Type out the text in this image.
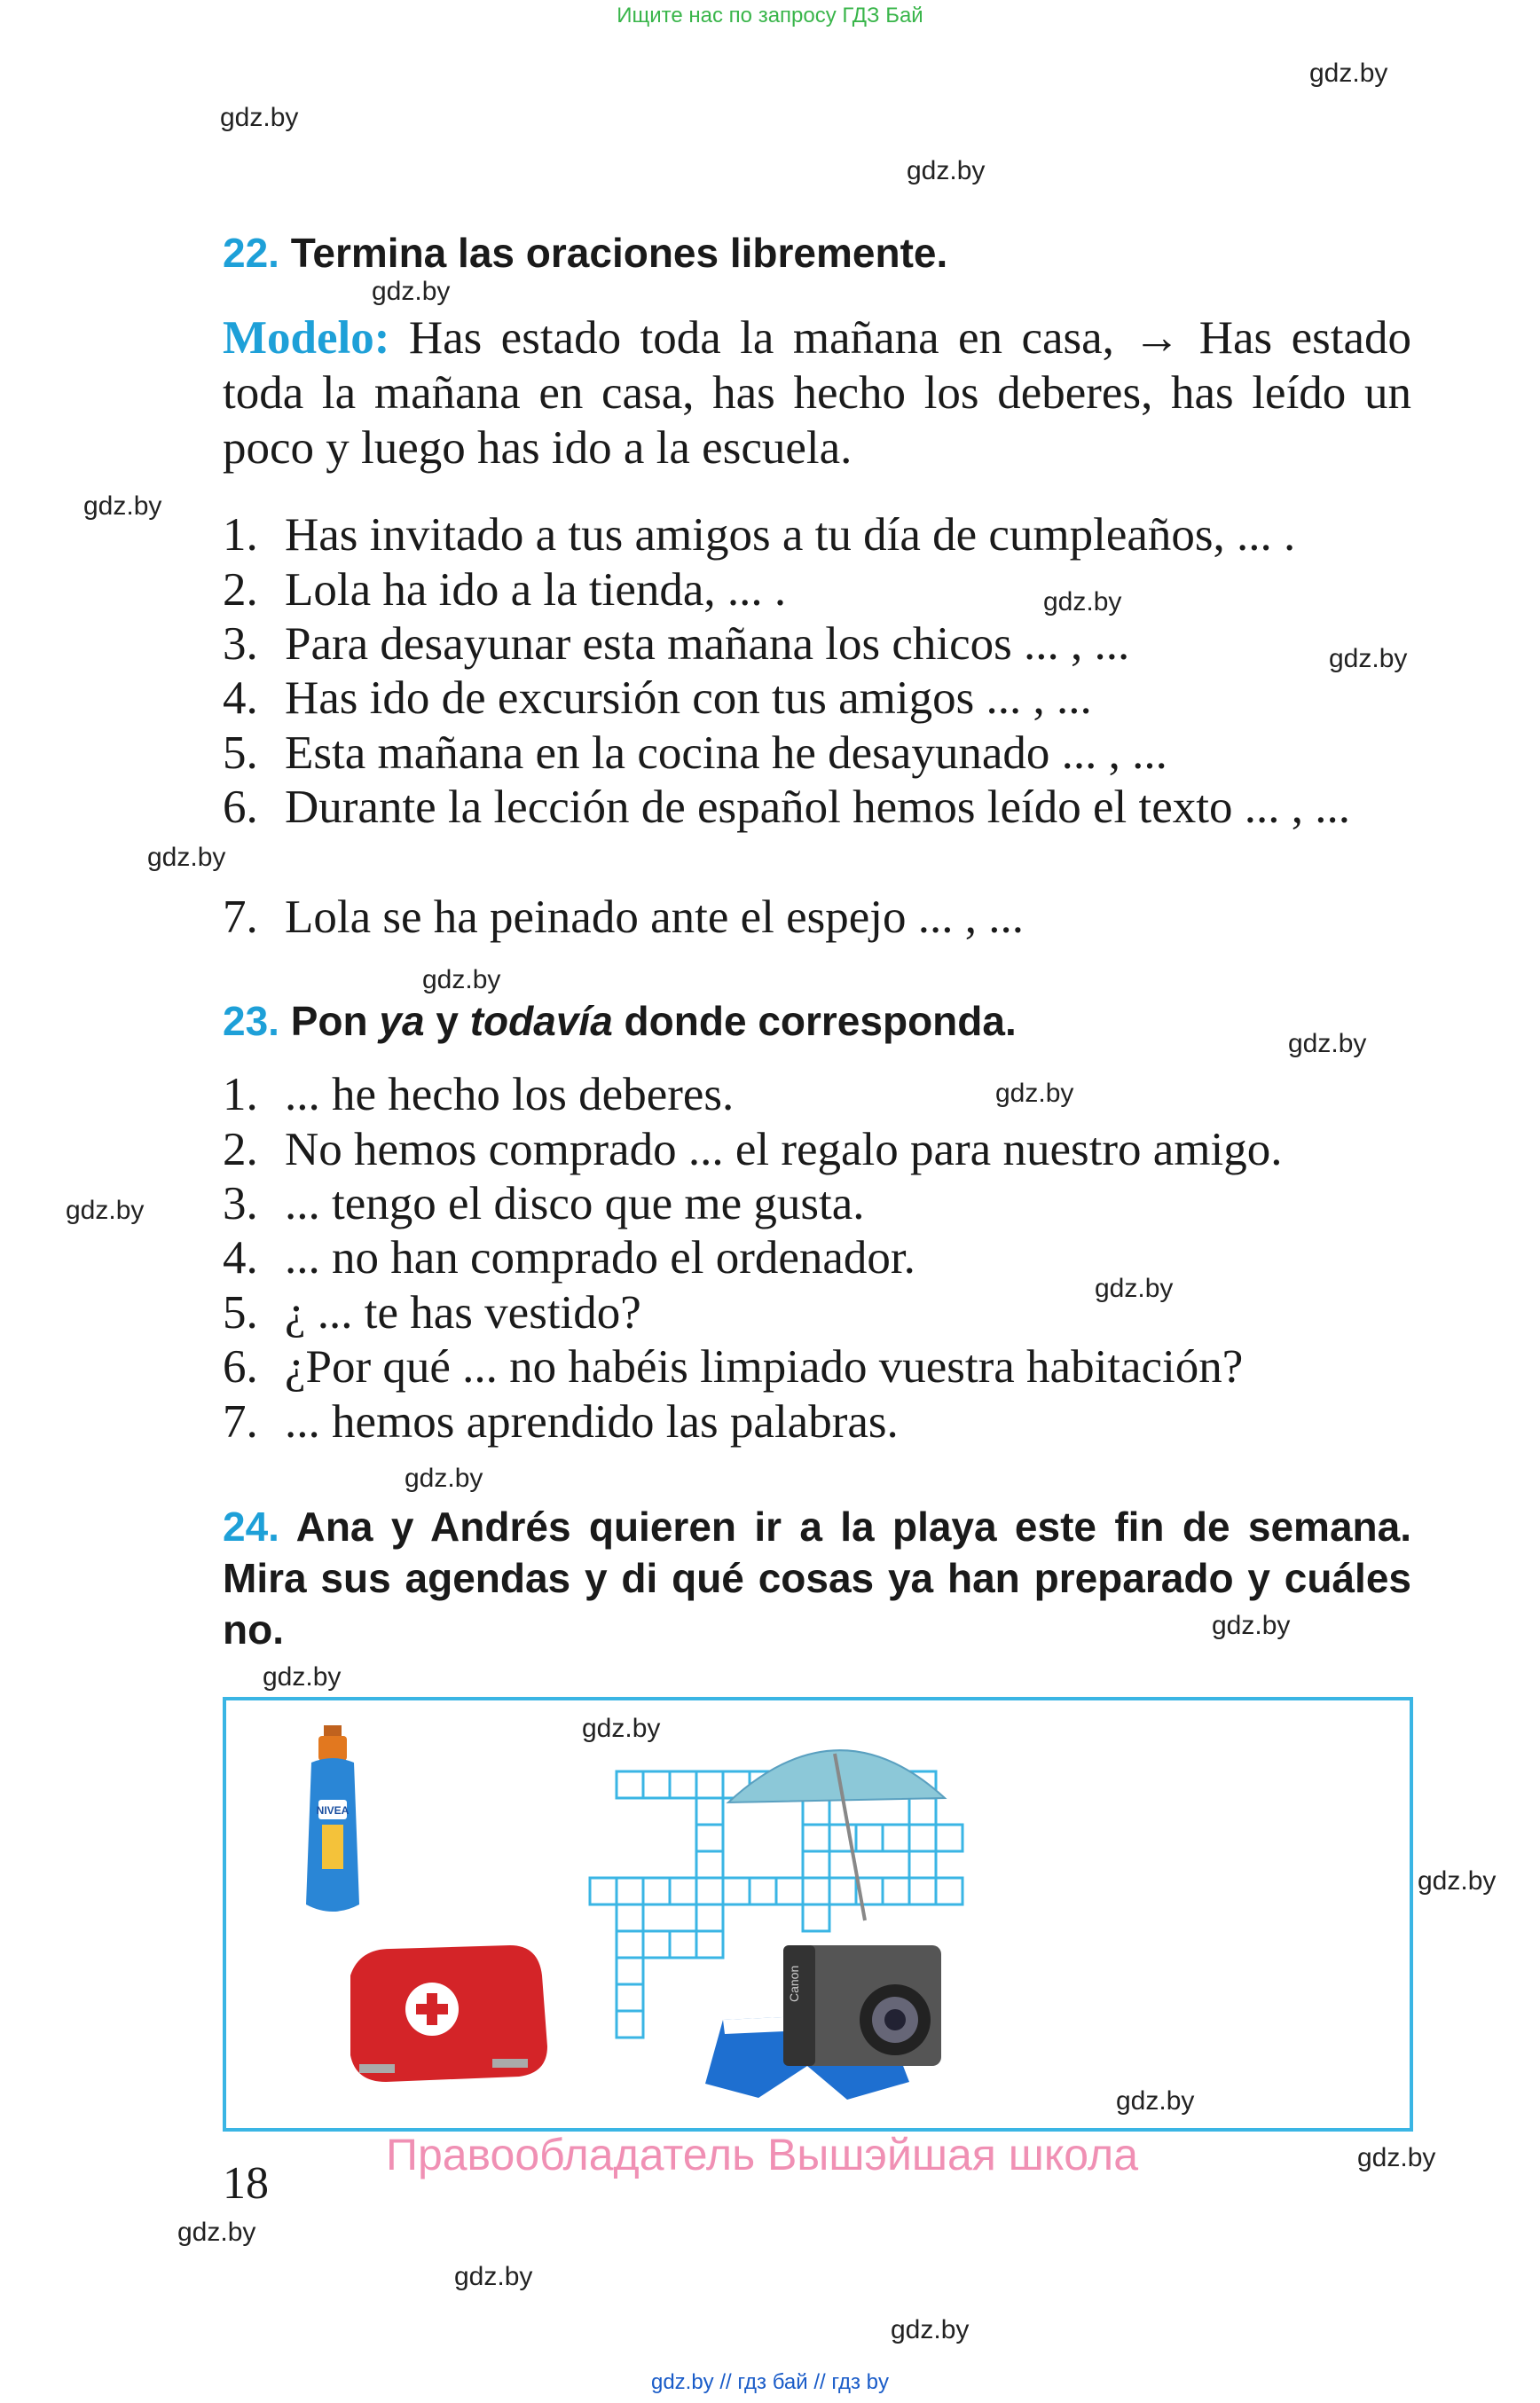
Ищите нас по запросу ГДЗ Бай
gdz.by
gdz.by
gdz.by
gdz.by
gdz.by
gdz.by
gdz.by
gdz.by
gdz.by
gdz.by
gdz.by
gdz.by
gdz.by
gdz.by
gdz.by
gdz.by
gdz.by
gdz.by
gdz.by
gdz.by
gdz.by
gdz.by
gdz.by
22. Termina las oraciones libremente.
Modelo: Has estado toda la mañana en casa, → Has estado toda la mañana en casa, has hecho los deberes, has leído un poco y luego has ido a la escuela.
1. Has invitado a tus amigos a tu día de cumpleaños, ... .
2. Lola ha ido a la tienda, ... .
3. Para desayunar esta mañana los chicos ... , ...
4. Has ido de excursión con tus amigos ... , ...
5. Esta mañana en la cocina he desayunado ... , ...
6. Durante la lección de español hemos leído el texto ... , ...
7. Lola se ha peinado ante el espejo ... , ...
23. Pon ya y todavía donde corresponda.
1. ... he hecho los deberes.
2. No hemos comprado ... el regalo para nuestro amigo.
3. ... tengo el disco que me gusta.
4. ... no han comprado el ordenador.
5. ¿ ... te has vestido?
6. ¿Por qué ... no habéis limpiado vuestra habitación?
7. ... hemos aprendido las palabras.
24. Ana y Andrés quieren ir a la playa este fin de semana. Mira sus agendas y di qué cosas ya han preparado y cuáles no.
NIVEA
Canon
Правообладатель Вышэйшая школа
18
gdz.by // гдз бай // гдз by
